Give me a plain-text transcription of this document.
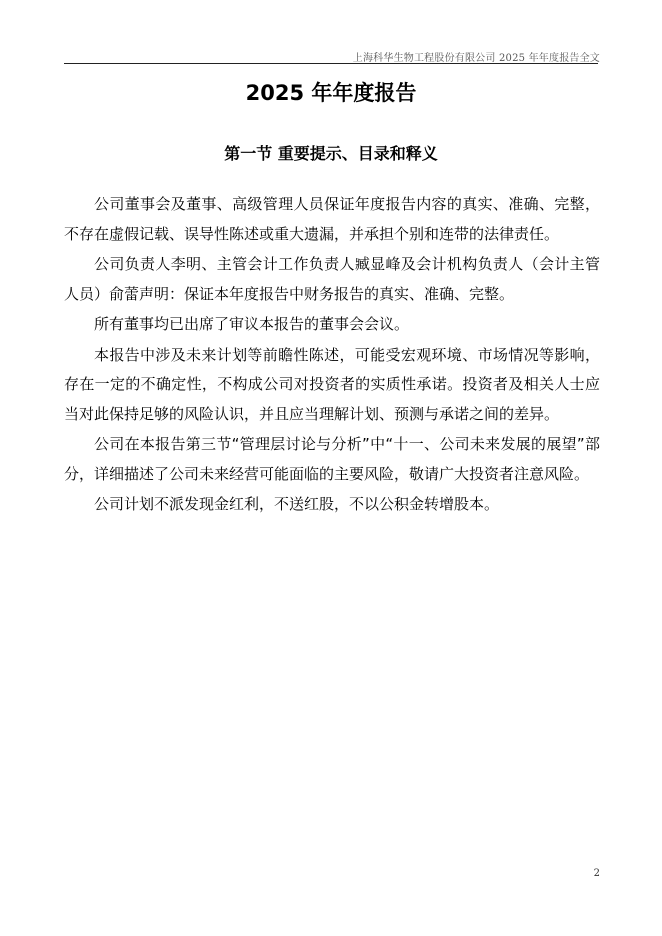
上海科华生物工程股份有限公司 2025 年年度报告全文
2025 年年度报告
第一节 重要提示、目录和释义

公司董事会及董事、高级管理人员保证年度报告内容的真实、准确、完整，不存在虚假记载、误导性陈述或重大遗漏，并承担个别和连带的法律责任。

公司负责人李明、主管会计工作负责人臧显峰及会计机构负责人（会计主管人员）俞蕾声明：保证本年度报告中财务报告的真实、准确、完整。

所有董事均已出席了审议本报告的董事会会议。

本报告中涉及未来计划等前瞻性陈述，可能受宏观环境、市场情况等影响，存在一定的不确定性，不构成公司对投资者的实质性承诺。投资者及相关人士应当对此保持足够的风险认识，并且应当理解计划、预测与承诺之间的差异。

公司在本报告第三节“管理层讨论与分析”中“十一、公司未来发展的展望”部分，详细描述了公司未来经营可能面临的主要风险，敬请广大投资者注意风险。

公司计划不派发现金红利，不送红股，不以公积金转增股本。

2
